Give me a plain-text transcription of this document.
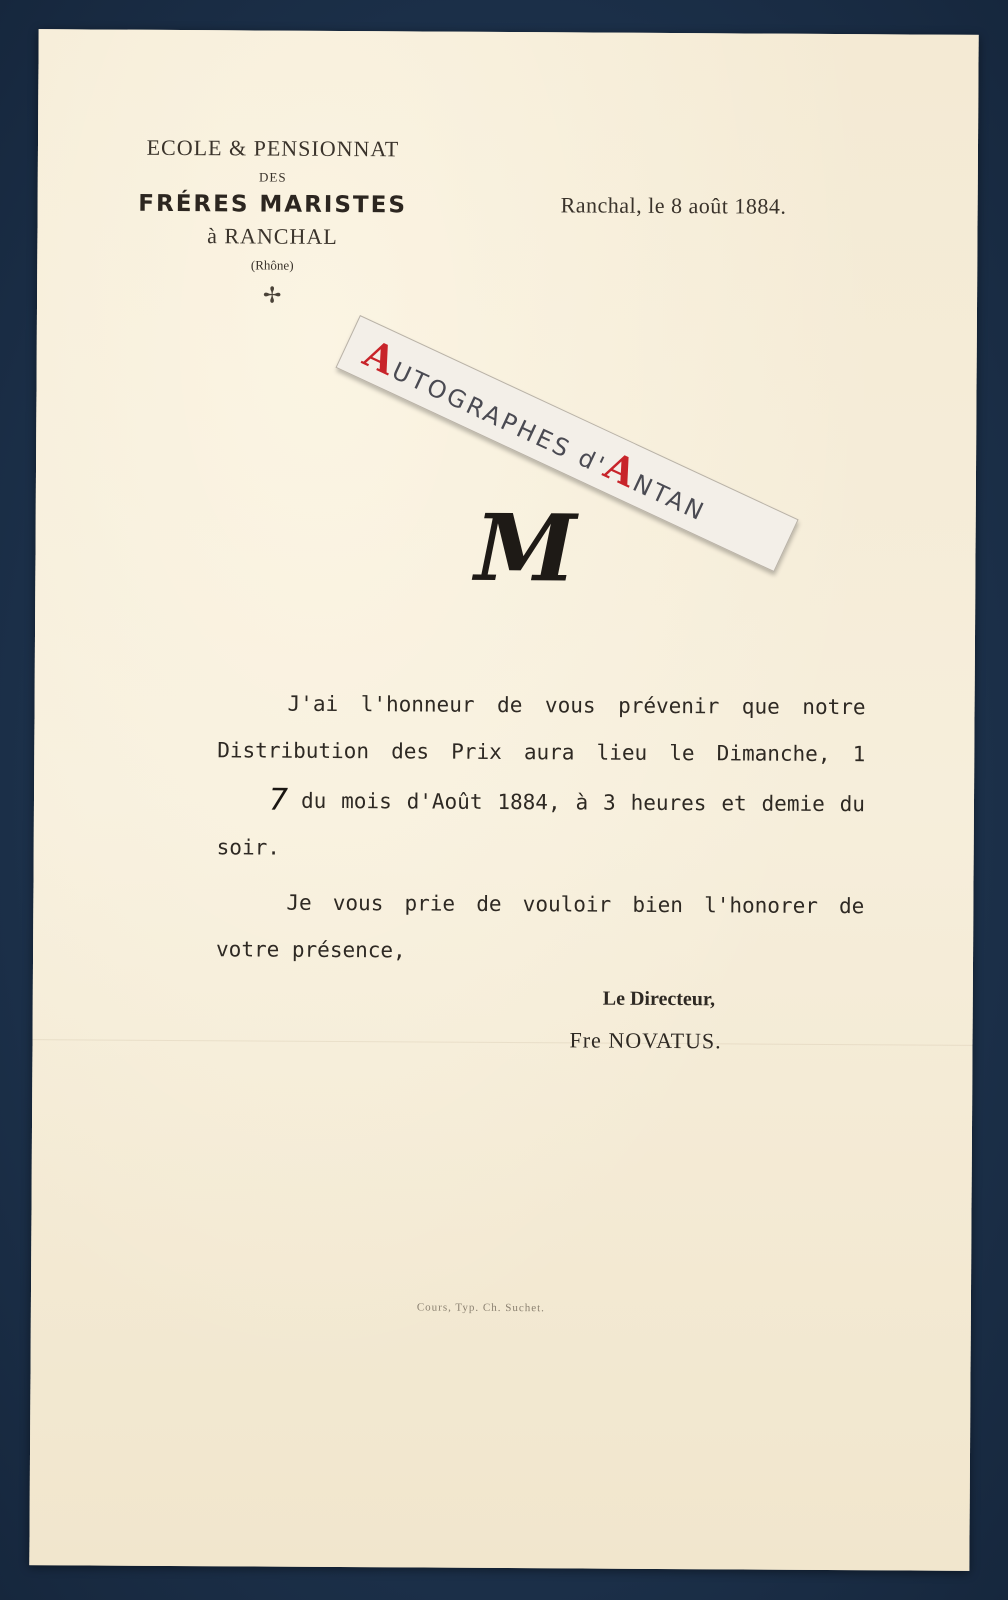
ECOLE & PENSIONNAT
DES
FRÉRES MARISTES
à RANCHAL
(Rhône)
✢
Ranchal, le 8 août 1884.
M

J'ai l'honneur de vous prévenir que notre Distribution des Prix aura lieu le Dimanche, 17 du mois d'Août 1884, à 3 heures et demie du soir.

Je vous prie de vouloir bien l'honorer de votre présence,

Le Directeur,
Fre NOVATUS.
Cours, Typ. Ch. Suchet.
AUTOGRAPHES d'ANTAN
